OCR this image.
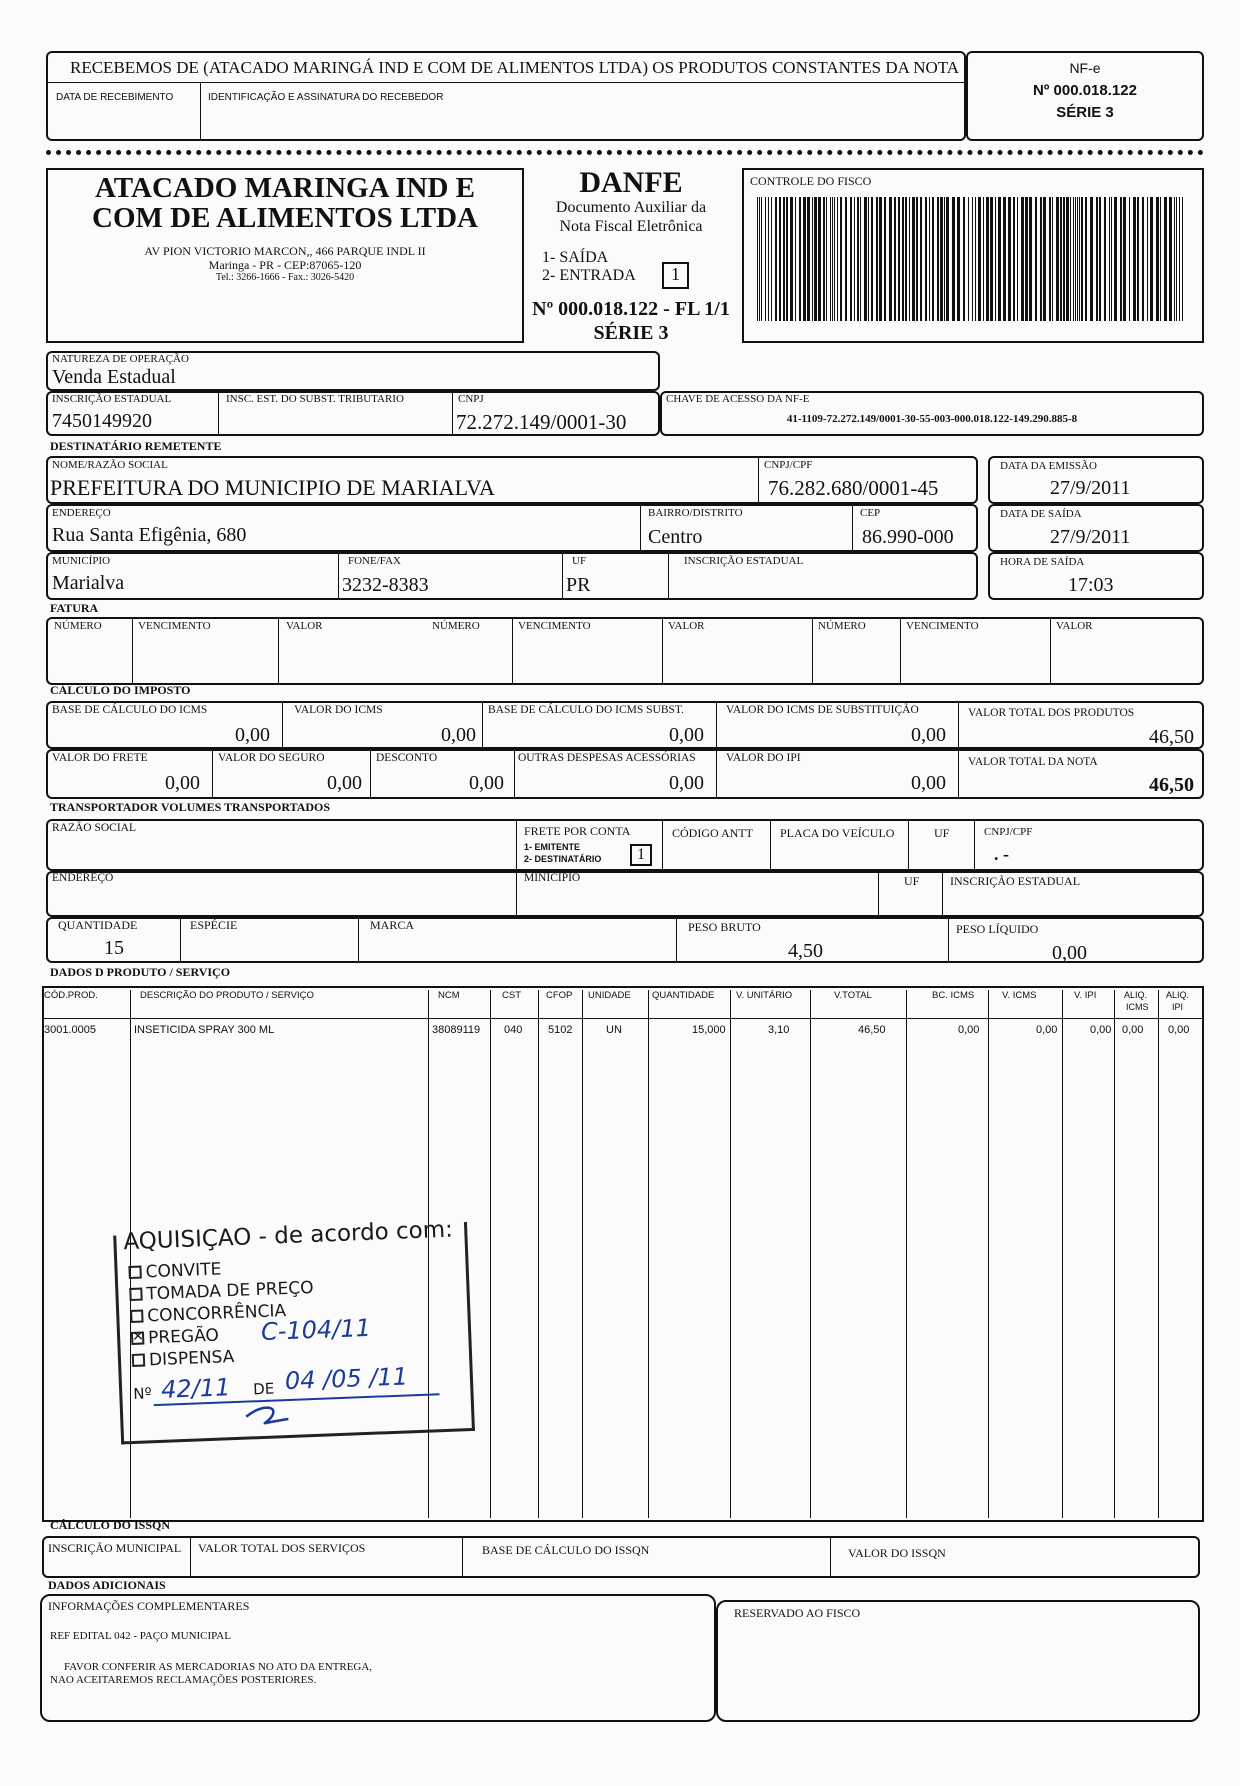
RECEBEMOS DE (ATACADO MARINGÁ IND E COM DE ALIMENTOS LTDA) OS PRODUTOS CONSTANTES DA NOTA
DATA DE RECEBIMENTO	IDENTIFICAÇÃO E ASSINATURA DO RECEBEDOR
NF-e
Nº 000.018.122
SÉRIE 3
ATACADO MARINGA IND E
COM DE ALIMENTOS LTDA
AV PION VICTORIO MARCON,, 466 PARQUE INDL II
Maringa - PR - CEP:87065-120
Tel.: 3266-1666 - Fax.: 3026-5420
DANFE
Documento Auxiliar da
Nota Fiscal Eletrônica
1- SAÍDA
2- ENTRADA	1
Nº 000.018.122 - FL 1/1
SÉRIE 3
CONTROLE DO FISCO
NATUREZA DE OPERAÇÃO
Venda Estadual
INSCRIÇÃO ESTADUAL
7450149920
INSC. EST. DO SUBST. TRIBUTARIO	CNPJ
72.272.149/0001-30
CHAVE DE ACESSO DA NF-E
41-1109-72.272.149/0001-30-55-003-000.018.122-149.290.885-8
DESTINATÁRIO REMETENTE
NOME/RAZÃO SOCIAL
PREFEITURA DO MUNICIPIO DE MARIALVA
CNPJ/CPF
76.282.680/0001-45
DATA DA EMISSÃO
27/9/2011
ENDEREÇO
Rua Santa Efigênia, 680
BAIRRO/DISTRITO
Centro
CEP
86.990-000
DATA DE SAÍDA
27/9/2011
MUNICÍPIO
Marialva
FONE/FAX
3232-8383
UF
PR
INSCRIÇÃO ESTADUAL	HORA DE SAÍDA
17:03
FATURA
NÚMERO	VENCIMENTO	VALOR	NÚMERO	VENCIMENTO	VALOR	NÚMERO	VENCIMENTO	VALOR
CÁLCULO DO IMPOSTO
BASE DE CÁLCULO DO ICMS
0,00
VALOR DO ICMS
0,00
BASE DE CÁLCULO DO ICMS SUBST.
0,00
VALOR DO ICMS DE SUBSTITUIÇÃO
0,00
VALOR TOTAL DOS PRODUTOS
46,50
VALOR DO FRETE
0,00
VALOR DO SEGURO
0,00
DESCONTO
0,00
OUTRAS DESPESAS ACESSÓRIAS
0,00
VALOR DO IPI
0,00
VALOR TOTAL DA NOTA
46,50
TRANSPORTADOR VOLUMES TRANSPORTADOS
RAZÃO SOCIAL	FRETE POR CONTA
1- EMITENTE
2- DESTINATÁRIO	1
CÓDIGO ANTT PLACA DO VEÍCULO	UF	CNPJ/CPF
. -
ENDEREÇO	MINICÍPIO	UF	INSCRIÇÃO ESTADUAL
QUANTIDADE
15
ESPÉCIE	MARCA	PESO BRUTO
4,50
PESO LÍQUIDO
0,00
DADOS D PRODUTO / SERVIÇO
CÓD.PROD.	DESCRIÇÃO DO PRODUTO / SERVIÇO	NCM	CST	CFOP UNIDADE QUANTIDADE V. UNITÁRIO	V.TOTAL	BC. ICMS	V. ICMS	V. IPI	ALIQ.
ICMS
ALIQ.
IPI
3001.0005	INSETICIDA SPRAY 300 ML	38089119 040 5102	UN	15,000	3,10	46,50	0,00	0,00	0,00 0,00 0,00
AQUISIÇAO - de acordo com:
CONVITE
TOMADA DE PREÇO
CONCORRÊNCIA
✕PREGÃO
DISPENSA
C-104/11
Nº 42/11 DE 04 /05 /11
CÁLCULO DO ISSQN
INSCRIÇÃO MUNICIPAL VALOR TOTAL DOS SERVIÇOS	BASE DE CÁLCULO DO ISSQN	VALOR DO ISSQN
DADOS ADICIONAIS
INFORMAÇÕES COMPLEMENTARES
REF EDITAL 042 - PAÇO MUNICIPAL
FAVOR CONFERIR AS MERCADORIAS NO ATO DA ENTREGA,
NAO ACEITAREMOS RECLAMAÇÕES POSTERIORES.
RESERVADO AO FISCO
